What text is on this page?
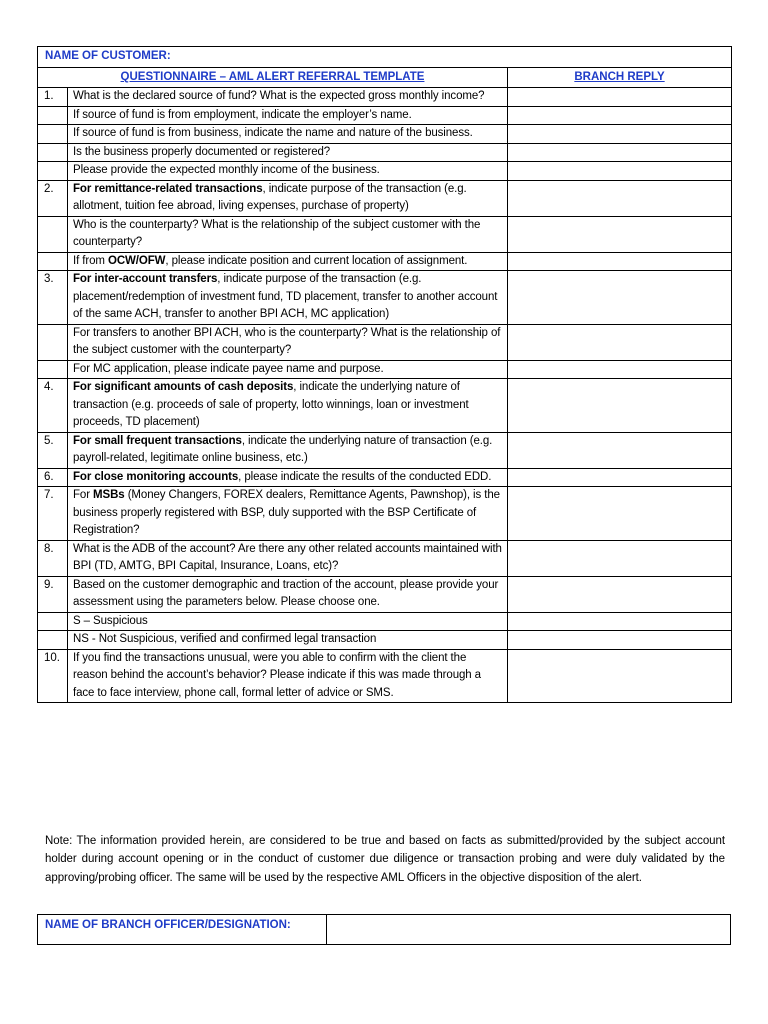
NAME OF CUSTOMER:		
QUESTIONNAIRE – AML ALERT REFERRAL TEMPLATE		BRANCH REPLY
1.	What is the declared source of fund? What is the expected gross monthly income?	
	If source of fund is from employment, indicate the employer’s name.	
	If source of fund is from business, indicate the name and nature of the business.	
	Is the business properly documented or registered?	
	Please provide the expected monthly income of the business.	
2.	For remittance-related transactions, indicate purpose of the transaction (e.g. allotment, tuition fee abroad, living expenses, purchase of property)	
	Who is the counterparty? What is the relationship of the subject customer with the counterparty?	
	If from OCW/OFW, please indicate position and current location of assignment.	
3.	For inter-account transfers, indicate purpose of the transaction (e.g. placement/redemption of investment fund, TD placement, transfer to another account of the same ACH, transfer to another BPI ACH, MC application)	
	For transfers to another BPI ACH, who is the counterparty? What is the relationship of the subject customer with the counterparty?	
	For MC application, please indicate payee name and purpose.	
4.	For significant amounts of cash deposits, indicate the underlying nature of transaction (e.g. proceeds of sale of property, lotto winnings, loan or investment proceeds, TD placement)	
5.	For small frequent transactions, indicate the underlying nature of transaction (e.g. payroll-related, legitimate online business, etc.)	
6.	For close monitoring accounts, please indicate the results of the conducted EDD.	
7.	For MSBs (Money Changers, FOREX dealers, Remittance Agents, Pawnshop), is the business properly registered with BSP, duly supported with the BSP Certificate of Registration?	
8.	What is the ADB of the account? Are there any other related accounts maintained with BPI (TD, AMTG, BPI Capital, Insurance, Loans, etc)?	
9.	Based on the customer demographic and traction of the account, please provide your assessment using the parameters below. Please choose one.	
	S – Suspicious	
	NS - Not Suspicious, verified and confirmed legal transaction	
10.	If you find the transactions unusual, were you able to confirm with the client the reason behind the account’s behavior? Please indicate if this was made through a face to face interview, phone call, formal letter of advice or SMS.	
Note: The information provided herein, are considered to be true and based on facts as submitted/provided by the subject account holder during account opening or in the conduct of customer due diligence or transaction probing and were duly validated by the approving/probing officer. The same will be used by the respective AML Officers in the objective disposition of the alert.
NAME OF BRANCH OFFICER/DESIGNATION:	
